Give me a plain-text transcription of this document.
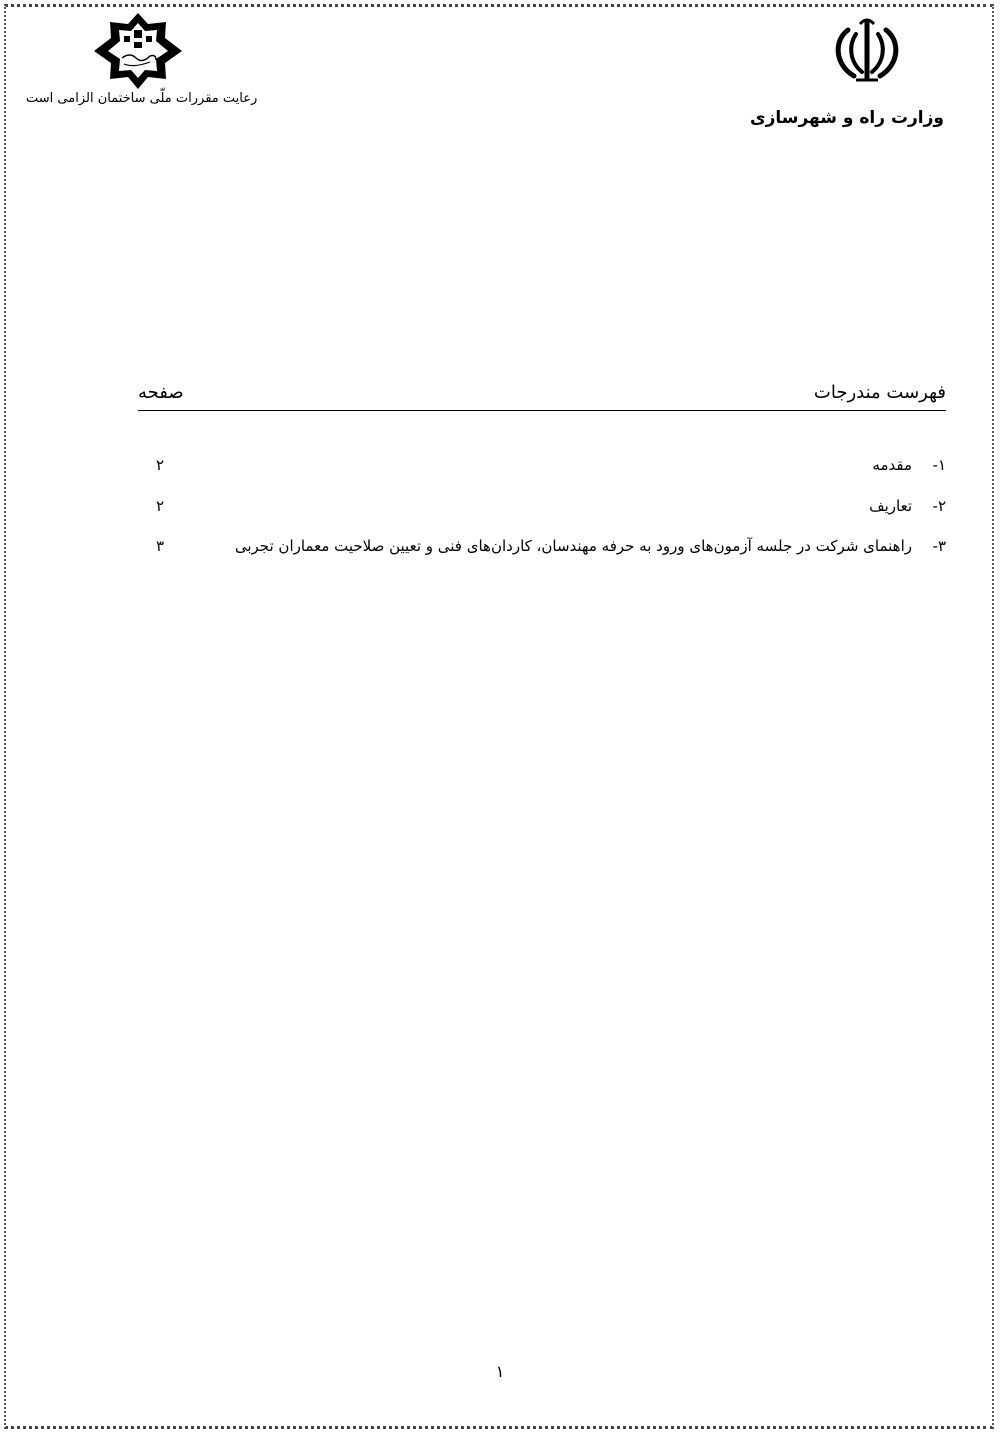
وزارت راه و شهرسازی
رعایت مقررات ملّی ساختمان الزامی است
فهرست مندرجات
صفحه
۱-
مقدمه
۲
۲-
تعاریف
۲
۳-
راهنمای شرکت در جلسه آزمون‌های ورود به حرفه مهندسان، کاردان‌های فنی و تعیین صلاحیت معماران تجربی
۳
۱
